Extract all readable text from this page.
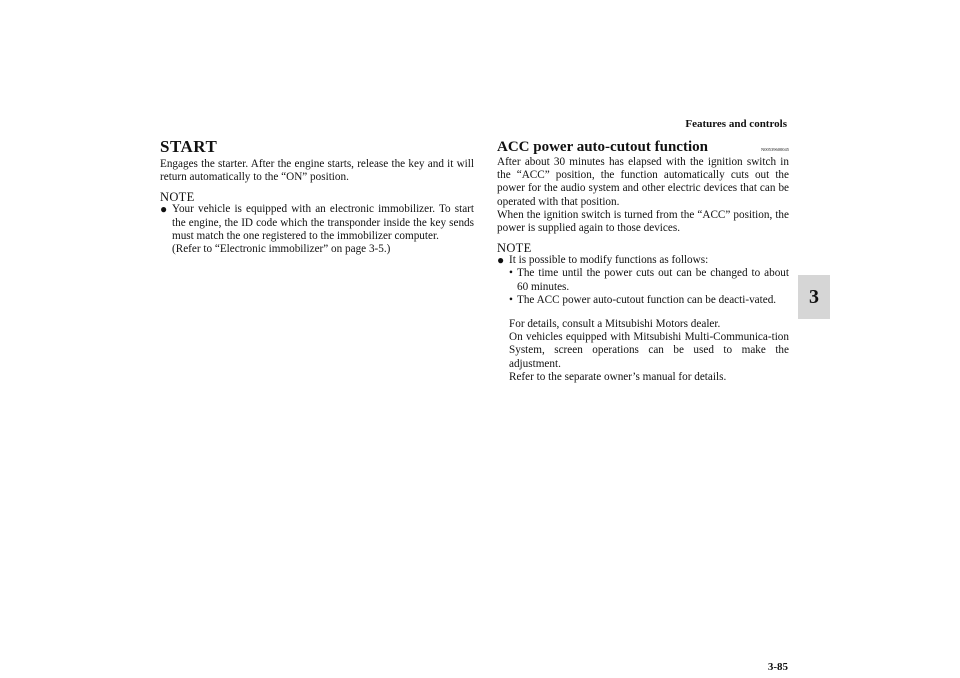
Features and controls
3
START

Engages the starter. After the engine starts, release the key and it will return automatically to the “ON” position.

NOTE
● Your vehicle is equipped with an electronic immobilizer. To start the engine, the ID code which the transponder inside the key sends must match the one registered to the immobilizer computer.
(Refer to “Electronic immobilizer” on page 3-5.)
ACC power auto-cutout function	N00539600045

After about 30 minutes has elapsed with the ignition switch in the “ACC” position, the function automatically cuts out the power for the audio system and other electric devices that can be operated with that position.

When the ignition switch is turned from the “ACC” position, the power is supplied again to those devices.

NOTE
● It is possible to modify functions as follows:
• The time until the power cuts out can be changed to about 60 minutes.
• The ACC power auto-cutout function can be deacti-vated.
For details, consult a Mitsubishi Motors dealer.
On vehicles equipped with Mitsubishi Multi-Communica-tion System, screen operations can be used to make the adjustment.
Refer to the separate owner’s manual for details.
3-85
